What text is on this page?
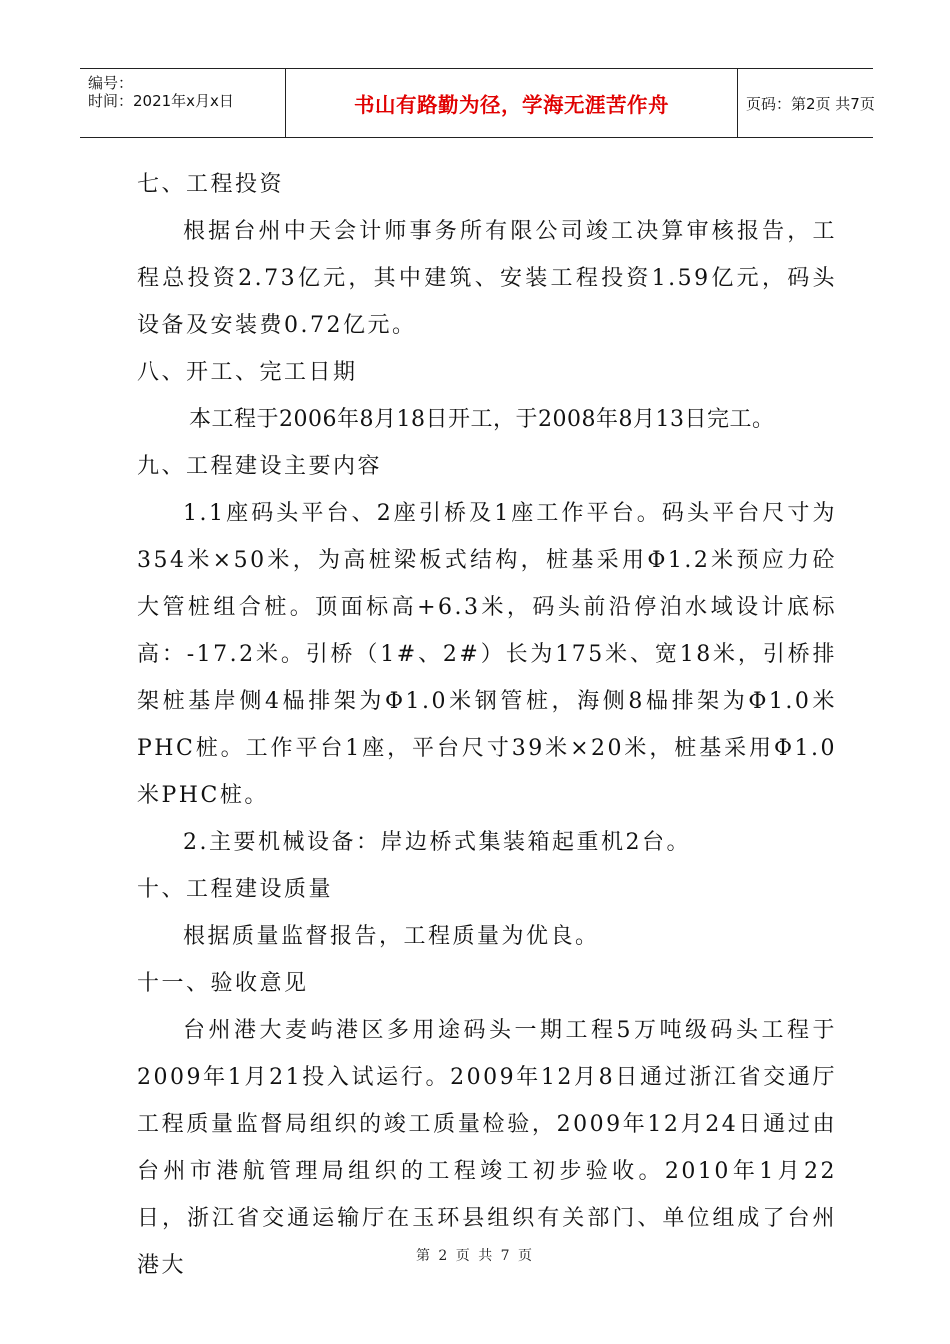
编号：
时间：2021年x月x日	书山有路勤为径，学海无涯苦作舟	页码：第2页 共7页

七、工程投资

根据台州中天会计师事务所有限公司竣工决算审核报告，工程总投资2.73亿元，其中建筑、安装工程投资1.59亿元，码头设备及安装费0.72亿元。

八、开工、完工日期

本工程于2006年8月18日开工，于2008年8月13日完工。

九、工程建设主要内容

1.1座码头平台、2座引桥及1座工作平台。码头平台尺寸为354米×50米，为高桩梁板式结构，桩基采用Φ1.2米预应力砼大管桩组合桩。顶面标高+6.3米，码头前沿停泊水域设计底标高：-17.2米。引桥（1#、2#）长为175米、宽18米，引桥排架桩基岸侧4榀排架为Φ1.0米钢管桩，海侧8榀排架为Φ1.0米PHC桩。工作平台1座，平台尺寸39米×20米，桩基采用Φ1.0米PHC桩。

2.主要机械设备：岸边桥式集装箱起重机2台。

十、工程建设质量

根据质量监督报告，工程质量为优良。

十一、验收意见

台州港大麦屿港区多用途码头一期工程5万吨级码头工程于2009年1月21投入试运行。2009年12月8日通过浙江省交通厅工程质量监督局组织的竣工质量检验，2009年12月24日通过由台州市港航管理局组织的工程竣工初步验收。2010年1月22日，浙江省交通运输厅在玉环县组织有关部门、单位组成了台州港大	第 2 页 共 7 页
